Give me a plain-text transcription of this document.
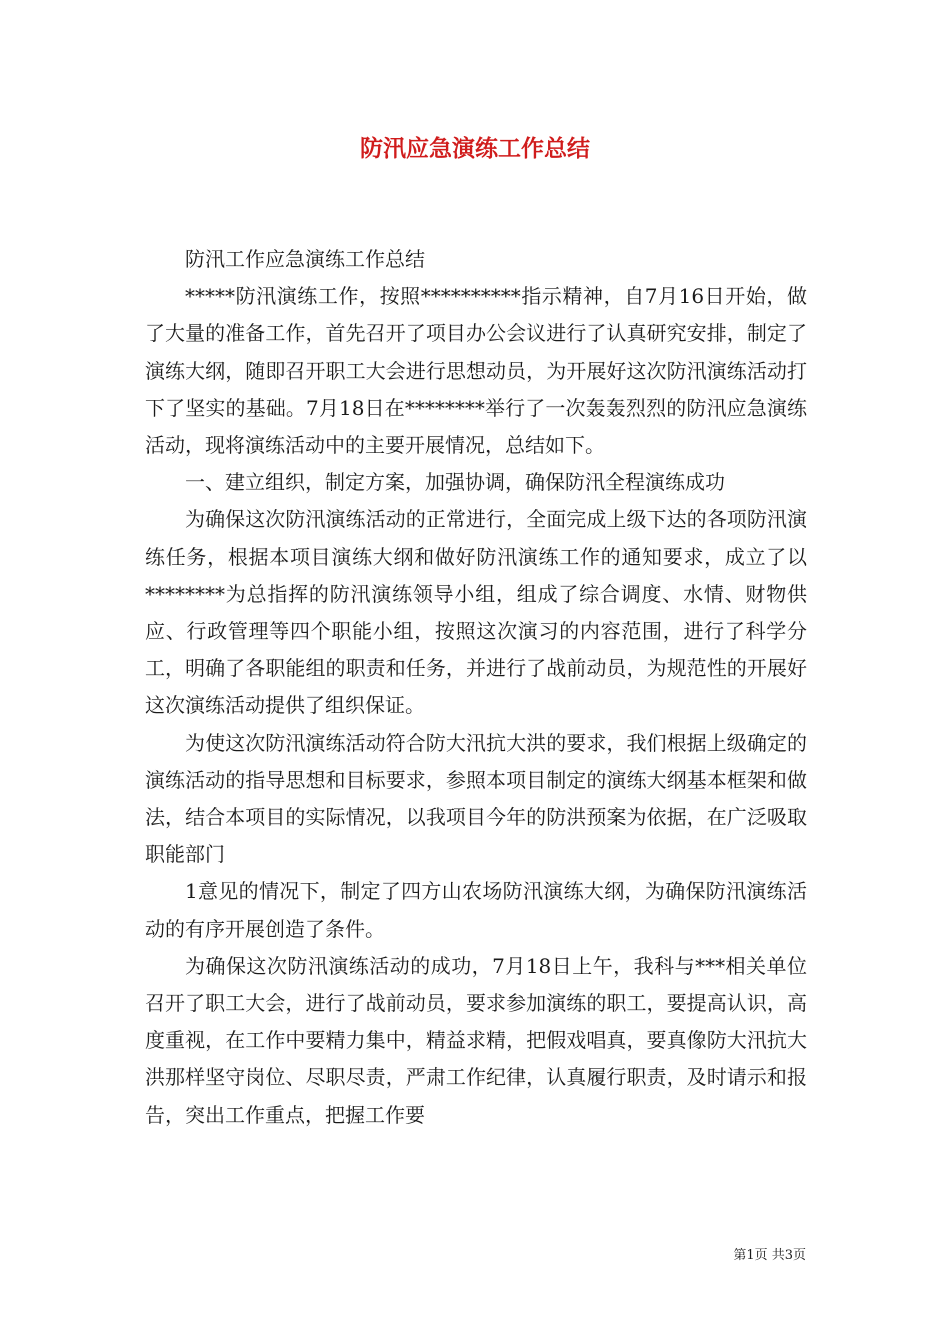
防汛应急演练工作总结

防汛工作应急演练工作总结

*****防汛演练工作，按照**********指示精神，自7月16日开始，做了大量的准备工作，首先召开了项目办公会议进行了认真研究安排，制定了演练大纲，随即召开职工大会进行思想动员，为开展好这次防汛演练活动打下了坚实的基础。7月18日在********举行了一次轰轰烈烈的防汛应急演练活动，现将演练活动中的主要开展情况，总结如下。

一、建立组织，制定方案，加强协调，确保防汛全程演练成功

为确保这次防汛演练活动的正常进行，全面完成上级下达的各项防汛演练任务，根据本项目演练大纲和做好防汛演练工作的通知要求，成立了以********为总指挥的防汛演练领导小组，组成了综合调度、水情、财物供应、行政管理等四个职能小组，按照这次演习的内容范围，进行了科学分工，明确了各职能组的职责和任务，并进行了战前动员，为规范性的开展好这次演练活动提供了组织保证。

为使这次防汛演练活动符合防大汛抗大洪的要求，我们根据上级确定的演练活动的指导思想和目标要求，参照本项目制定的演练大纲基本框架和做法，结合本项目的实际情况，以我项目今年的防洪预案为依据，在广泛吸取职能部门

1意见的情况下，制定了四方山农场防汛演练大纲，为确保防汛演练活动的有序开展创造了条件。

为确保这次防汛演练活动的成功，7月18日上午，我科与***相关单位召开了职工大会，进行了战前动员，要求参加演练的职工，要提高认识，高度重视，在工作中要精力集中，精益求精，把假戏唱真，要真像防大汛抗大洪那样坚守岗位、尽职尽责，严肃工作纪律，认真履行职责，及时请示和报告，突出工作重点，把握工作要

第1页 共3页
